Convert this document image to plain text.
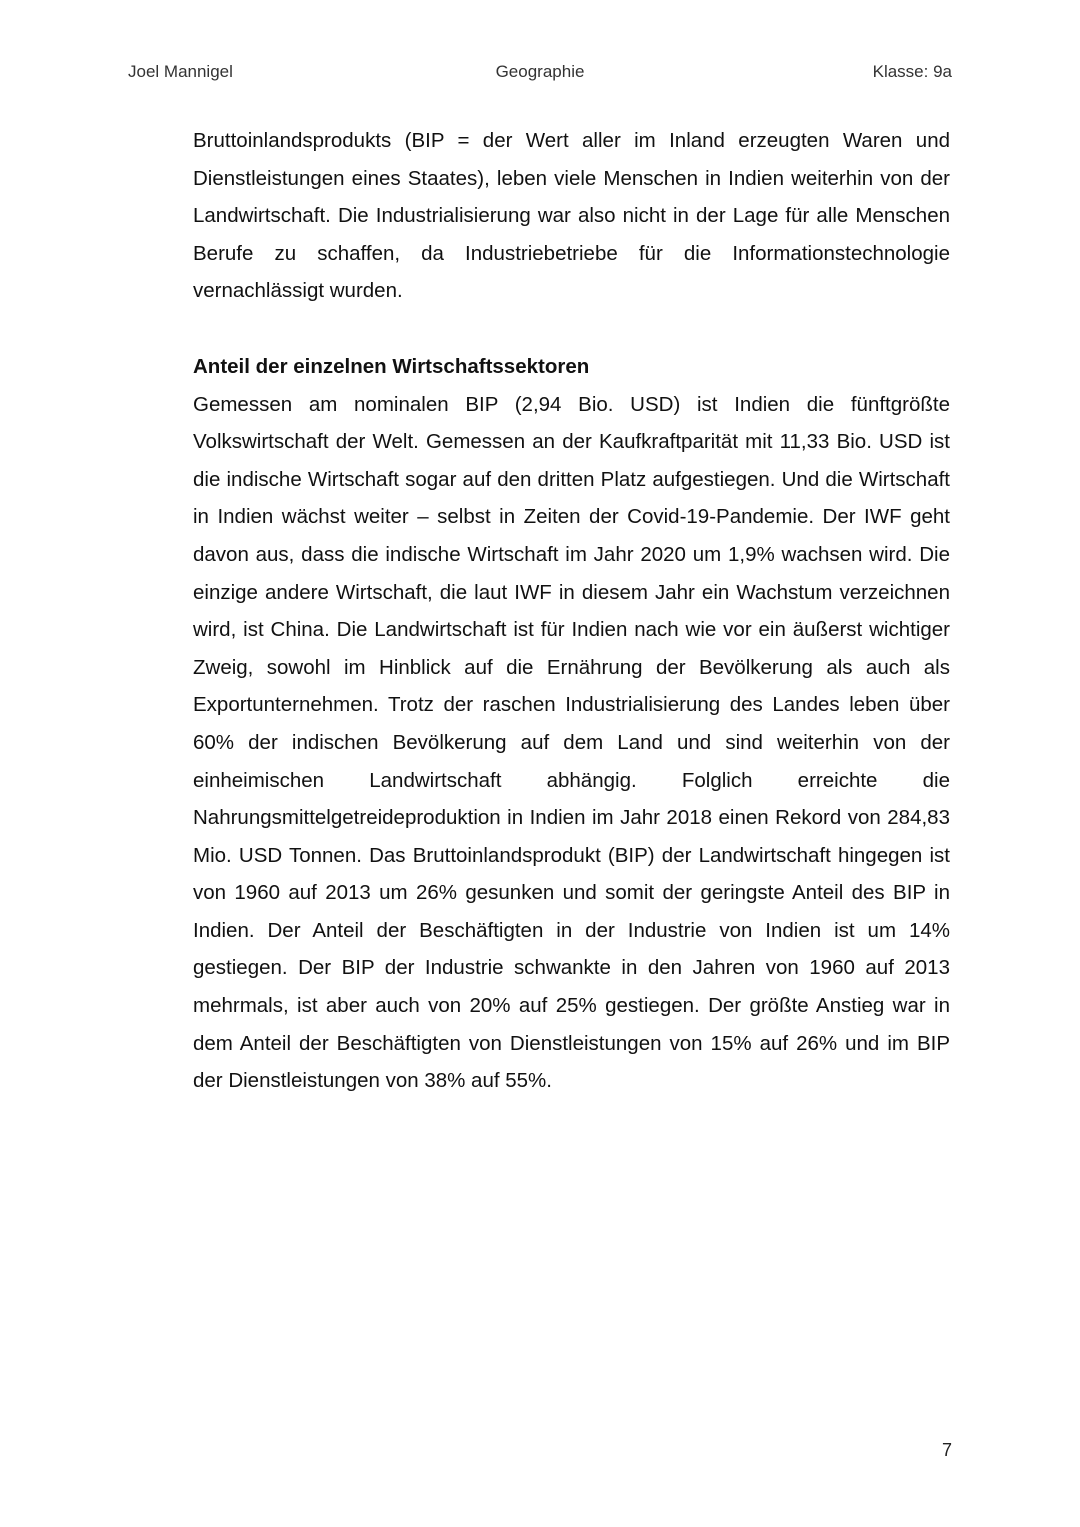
Joel Mannigel	Geographie	Klasse: 9a

Bruttoinlandsprodukts (BIP = der Wert aller im Inland erzeugten Waren und Dienstleistungen eines Staates), leben viele Menschen in Indien weiterhin von der Landwirtschaft. Die Industrialisierung war also nicht in der Lage für alle Menschen Berufe zu schaffen, da Industriebetriebe für die Informationstechnologie vernachlässigt wurden.

Anteil der einzelnen Wirtschaftssektoren

Gemessen am nominalen BIP (2,94 Bio. USD) ist Indien die fünftgrößte Volkswirtschaft der Welt. Gemessen an der Kaufkraftparität mit 11,33 Bio. USD ist die indische Wirtschaft sogar auf den dritten Platz aufgestiegen. Und die Wirtschaft in Indien wächst weiter – selbst in Zeiten der Covid-19-Pandemie. Der IWF geht davon aus, dass die indische Wirtschaft im Jahr 2020 um 1,9% wachsen wird. Die einzige andere Wirtschaft, die laut IWF in diesem Jahr ein Wachstum verzeichnen wird, ist China. Die Landwirtschaft ist für Indien nach wie vor ein äußerst wichtiger Zweig, sowohl im Hinblick auf die Ernährung der Bevölkerung als auch als Exportunternehmen. Trotz der raschen Industrialisierung des Landes leben über 60% der indischen Bevölkerung auf dem Land und sind weiterhin von der einheimischen Landwirtschaft abhängig. Folglich erreichte die Nahrungsmittelgetreideproduktion in Indien im Jahr 2018 einen Rekord von 284,83 Mio. USD Tonnen. Das Bruttoinlandsprodukt (BIP) der Landwirtschaft hingegen ist von 1960 auf 2013 um 26% gesunken und somit der geringste Anteil des BIP in Indien. Der Anteil der Beschäftigten in der Industrie von Indien ist um 14% gestiegen. Der BIP der Industrie schwankte in den Jahren von 1960 auf 2013 mehrmals, ist aber auch von 20% auf 25% gestiegen. Der größte Anstieg war in dem Anteil der Beschäftigten von Dienstleistungen von 15% auf 26% und im BIP der Dienstleistungen von 38% auf 55%.

7
